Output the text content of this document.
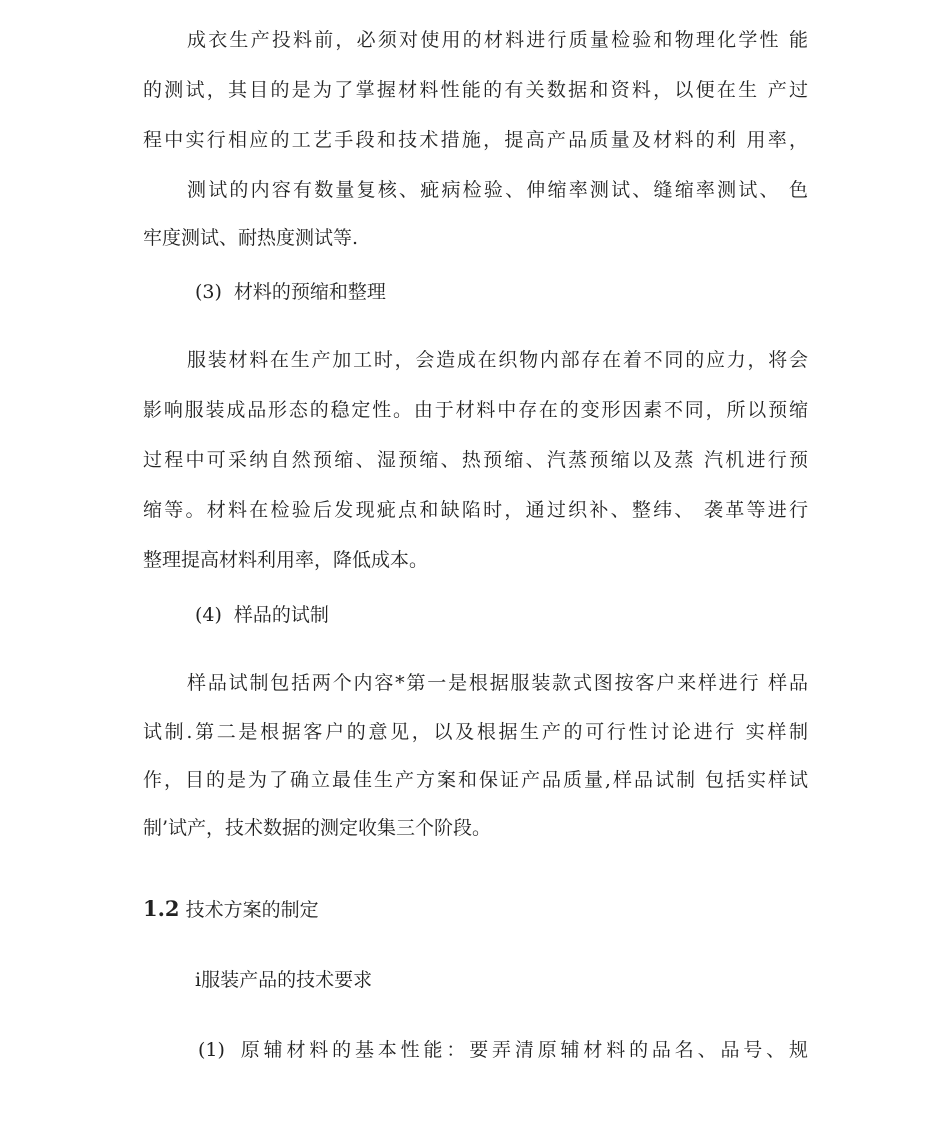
成衣生产投料前，必须对使用的材料进行质量检验和物理化学性 能
的测试，其目的是为了掌握材料性能的有关数据和资料，以便在生 产过
程中实行相应的工艺手段和技术措施，提高产品质量及材料的利 用率，
测试的内容有数量复核、疵病检验、伸缩率测试、缝缩率测试、 色
牢度测试、耐热度测试等.
(3) 材料的预缩和整理
服装材料在生产加工时，会造成在织物内部存在着不同的应力，将会
影响服装成品形态的稳定性。由于材料中存在的变形因素不同，所以预缩
过程中可采纳自然预缩、湿预缩、热预缩、汽蒸预缩以及蒸 汽机进行预
缩等。材料在检验后发现疵点和缺陷时，通过织补、整纬、 袭革等进行
整理提高材料利用率，降低成本。
(4) 样品的试制
样品试制包括两个内容*第一是根据服装款式图按客户来样进行 样品
试制.第二是根据客户的意见，以及根据生产的可行性讨论进行 实样制
作，目的是为了确立最佳生产方案和保证产品质量,样品试制 包括实样试
制’试产，技术数据的测定收集三个阶段。
1.2 技术方案的制定
i服装产品的技术要求
(1) 原辅材料的基本性能：要弄清原辅材料的品名、品号、规
